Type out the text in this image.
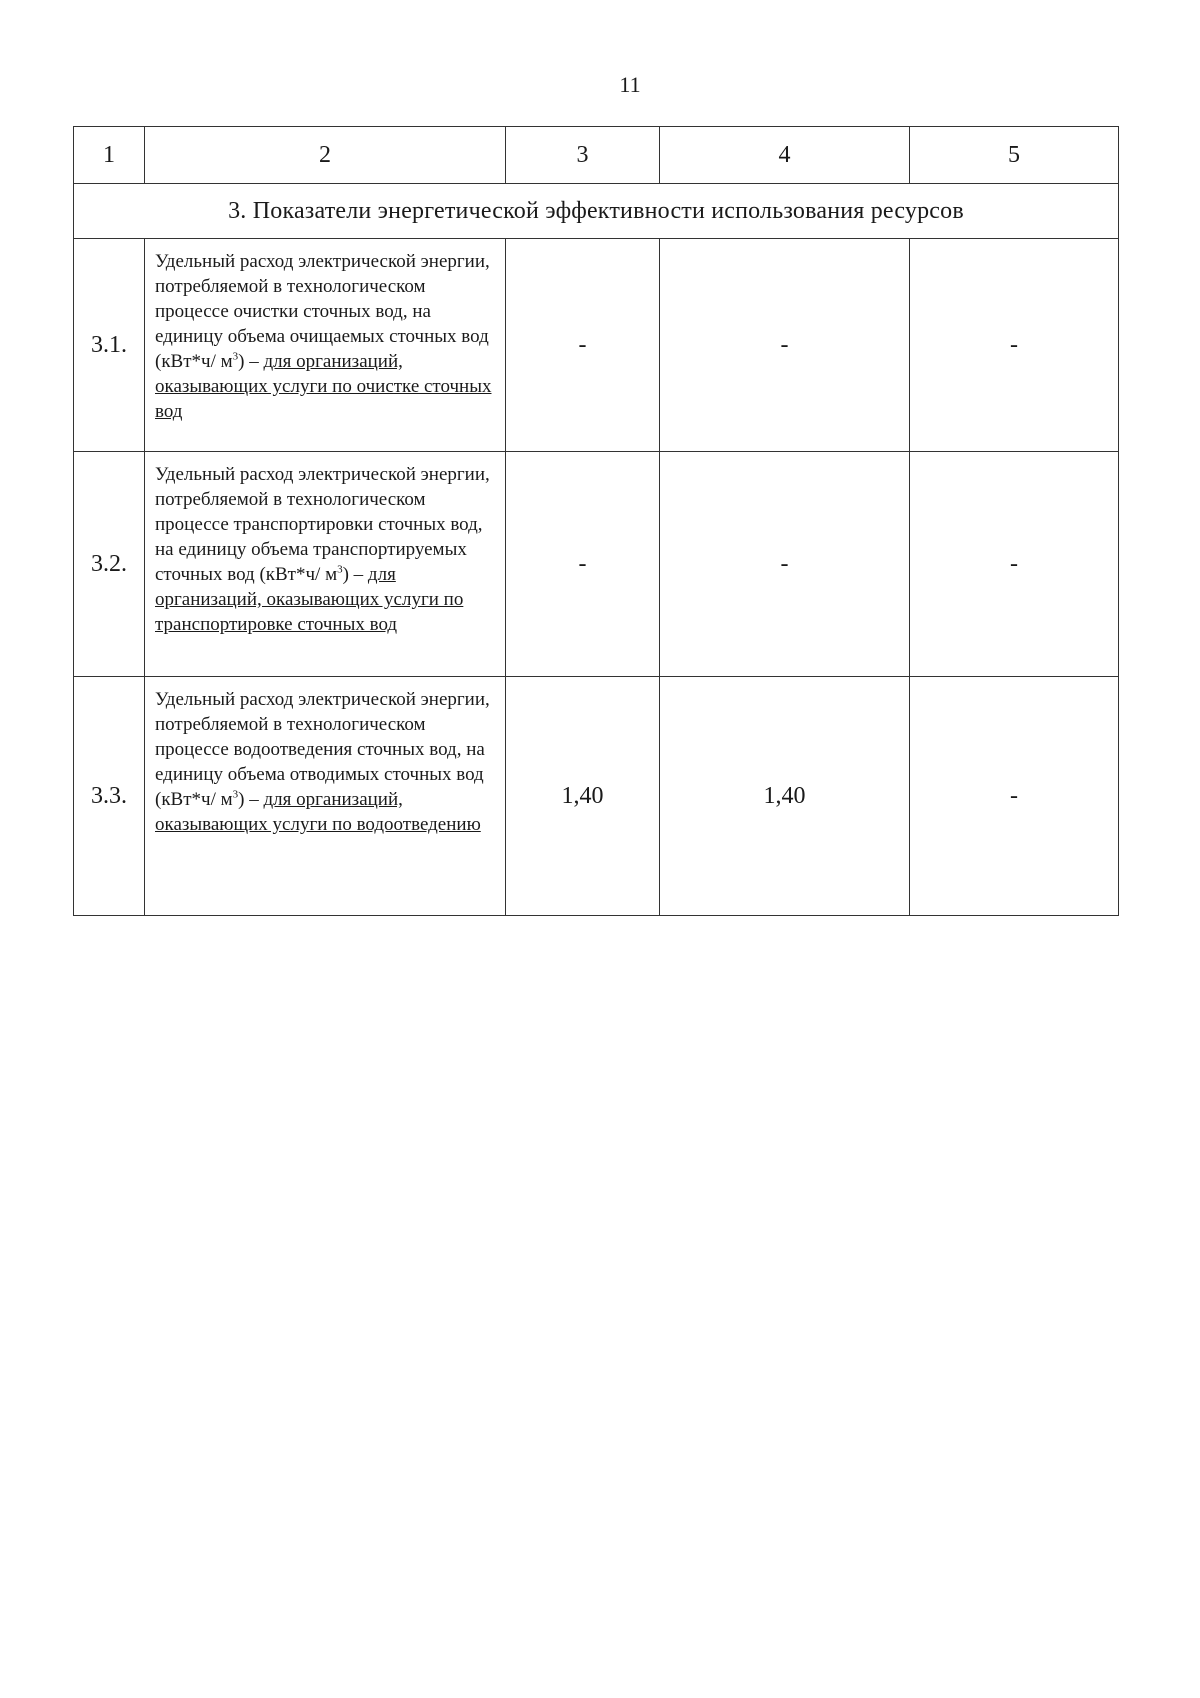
11
1	2	3	4	5
3. Показатели энергетической эффективности использования ресурсов				
3.1.	Удельный расход электрической энергии, потребляемой в технологическом процессе очистки сточных вод, на единицу объема очищаемых сточных вод (кВт*ч/ $м^3$) – для организаций, оказывающих услуги по очистке сточных вод	-	-	-
3.2.	Удельный расход электрической энергии, потребляемой в технологическом процессе транспортировки сточных вод, на единицу объема транспортируемых сточных вод (кВт*ч/ $м^3$) – для организаций, оказывающих услуги по транспортировке сточных вод	-	-	-
3.3.	Удельный расход электрической энергии, потребляемой в технологическом процессе водоотведения сточных вод, на единицу объема отводимых сточных вод (кВт*ч/ $м^3$) – для организаций, оказывающих услуги по водоотведению	1,40	1,40	-
